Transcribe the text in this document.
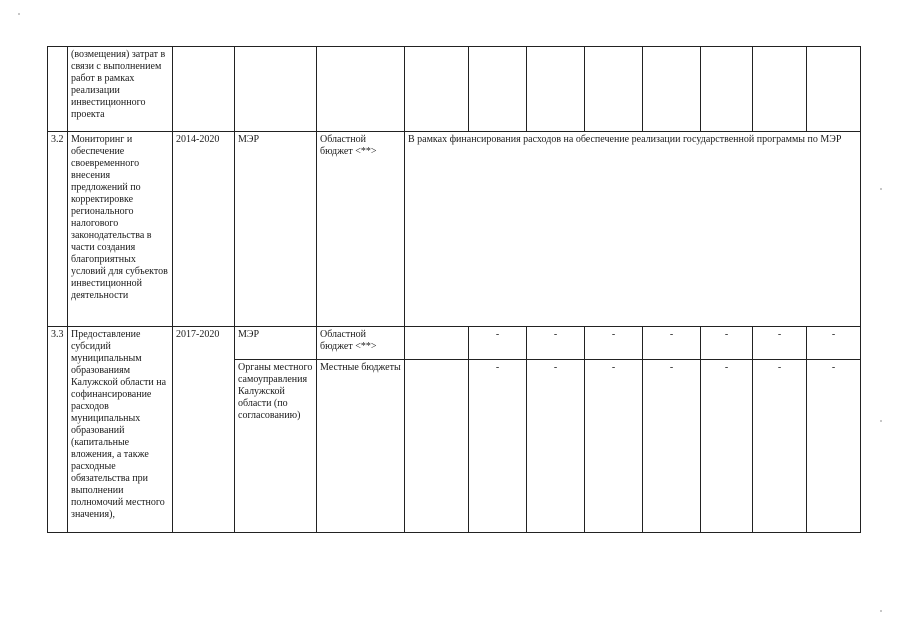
	(возмещения) затрат в связи с выполнением работ в рамках реализации инвестиционного проекта											
3.2	Мониторинг и обеспечение своевременного внесения предложений по корректировке регионального налогового законодательства в части создания благоприятных условий для субъектов инвестиционной деятельности	2014-2020	МЭР	Областной бюджет <**>	В рамках финансирования расходов на обеспечение реализации государственной программы по МЭР							
3.3	Предоставление субсидий муниципальным образованиям Калужской области на софинансирование расходов муниципальных образований (капитальные вложения, а также расходные обязательства при выполнении полномочий местного значения),	2017-2020	МЭР	Областной бюджет <**>		-	-	-	-	-	-	-
			Органы местного самоуправления Калужской области (по согласованию)	Местные бюджеты		-	-	-	-	-	-	-
